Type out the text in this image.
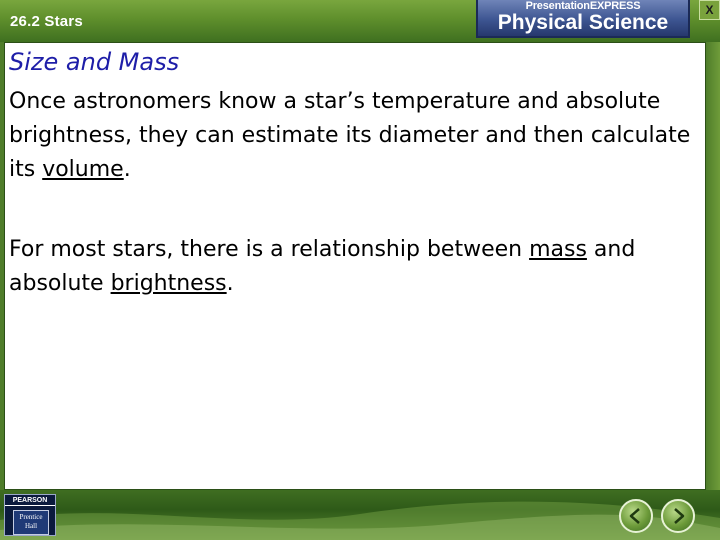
26.2 Stars
PresentationEXPRESS
Physical Science
X
Size and Mass
Once astronomers know a star’s temperature and absolute brightness, they can estimate its diameter and then calculate its volume.
For most stars, there is a relationship between mass and absolute brightness.
PEARSON
Prentice
Hall
